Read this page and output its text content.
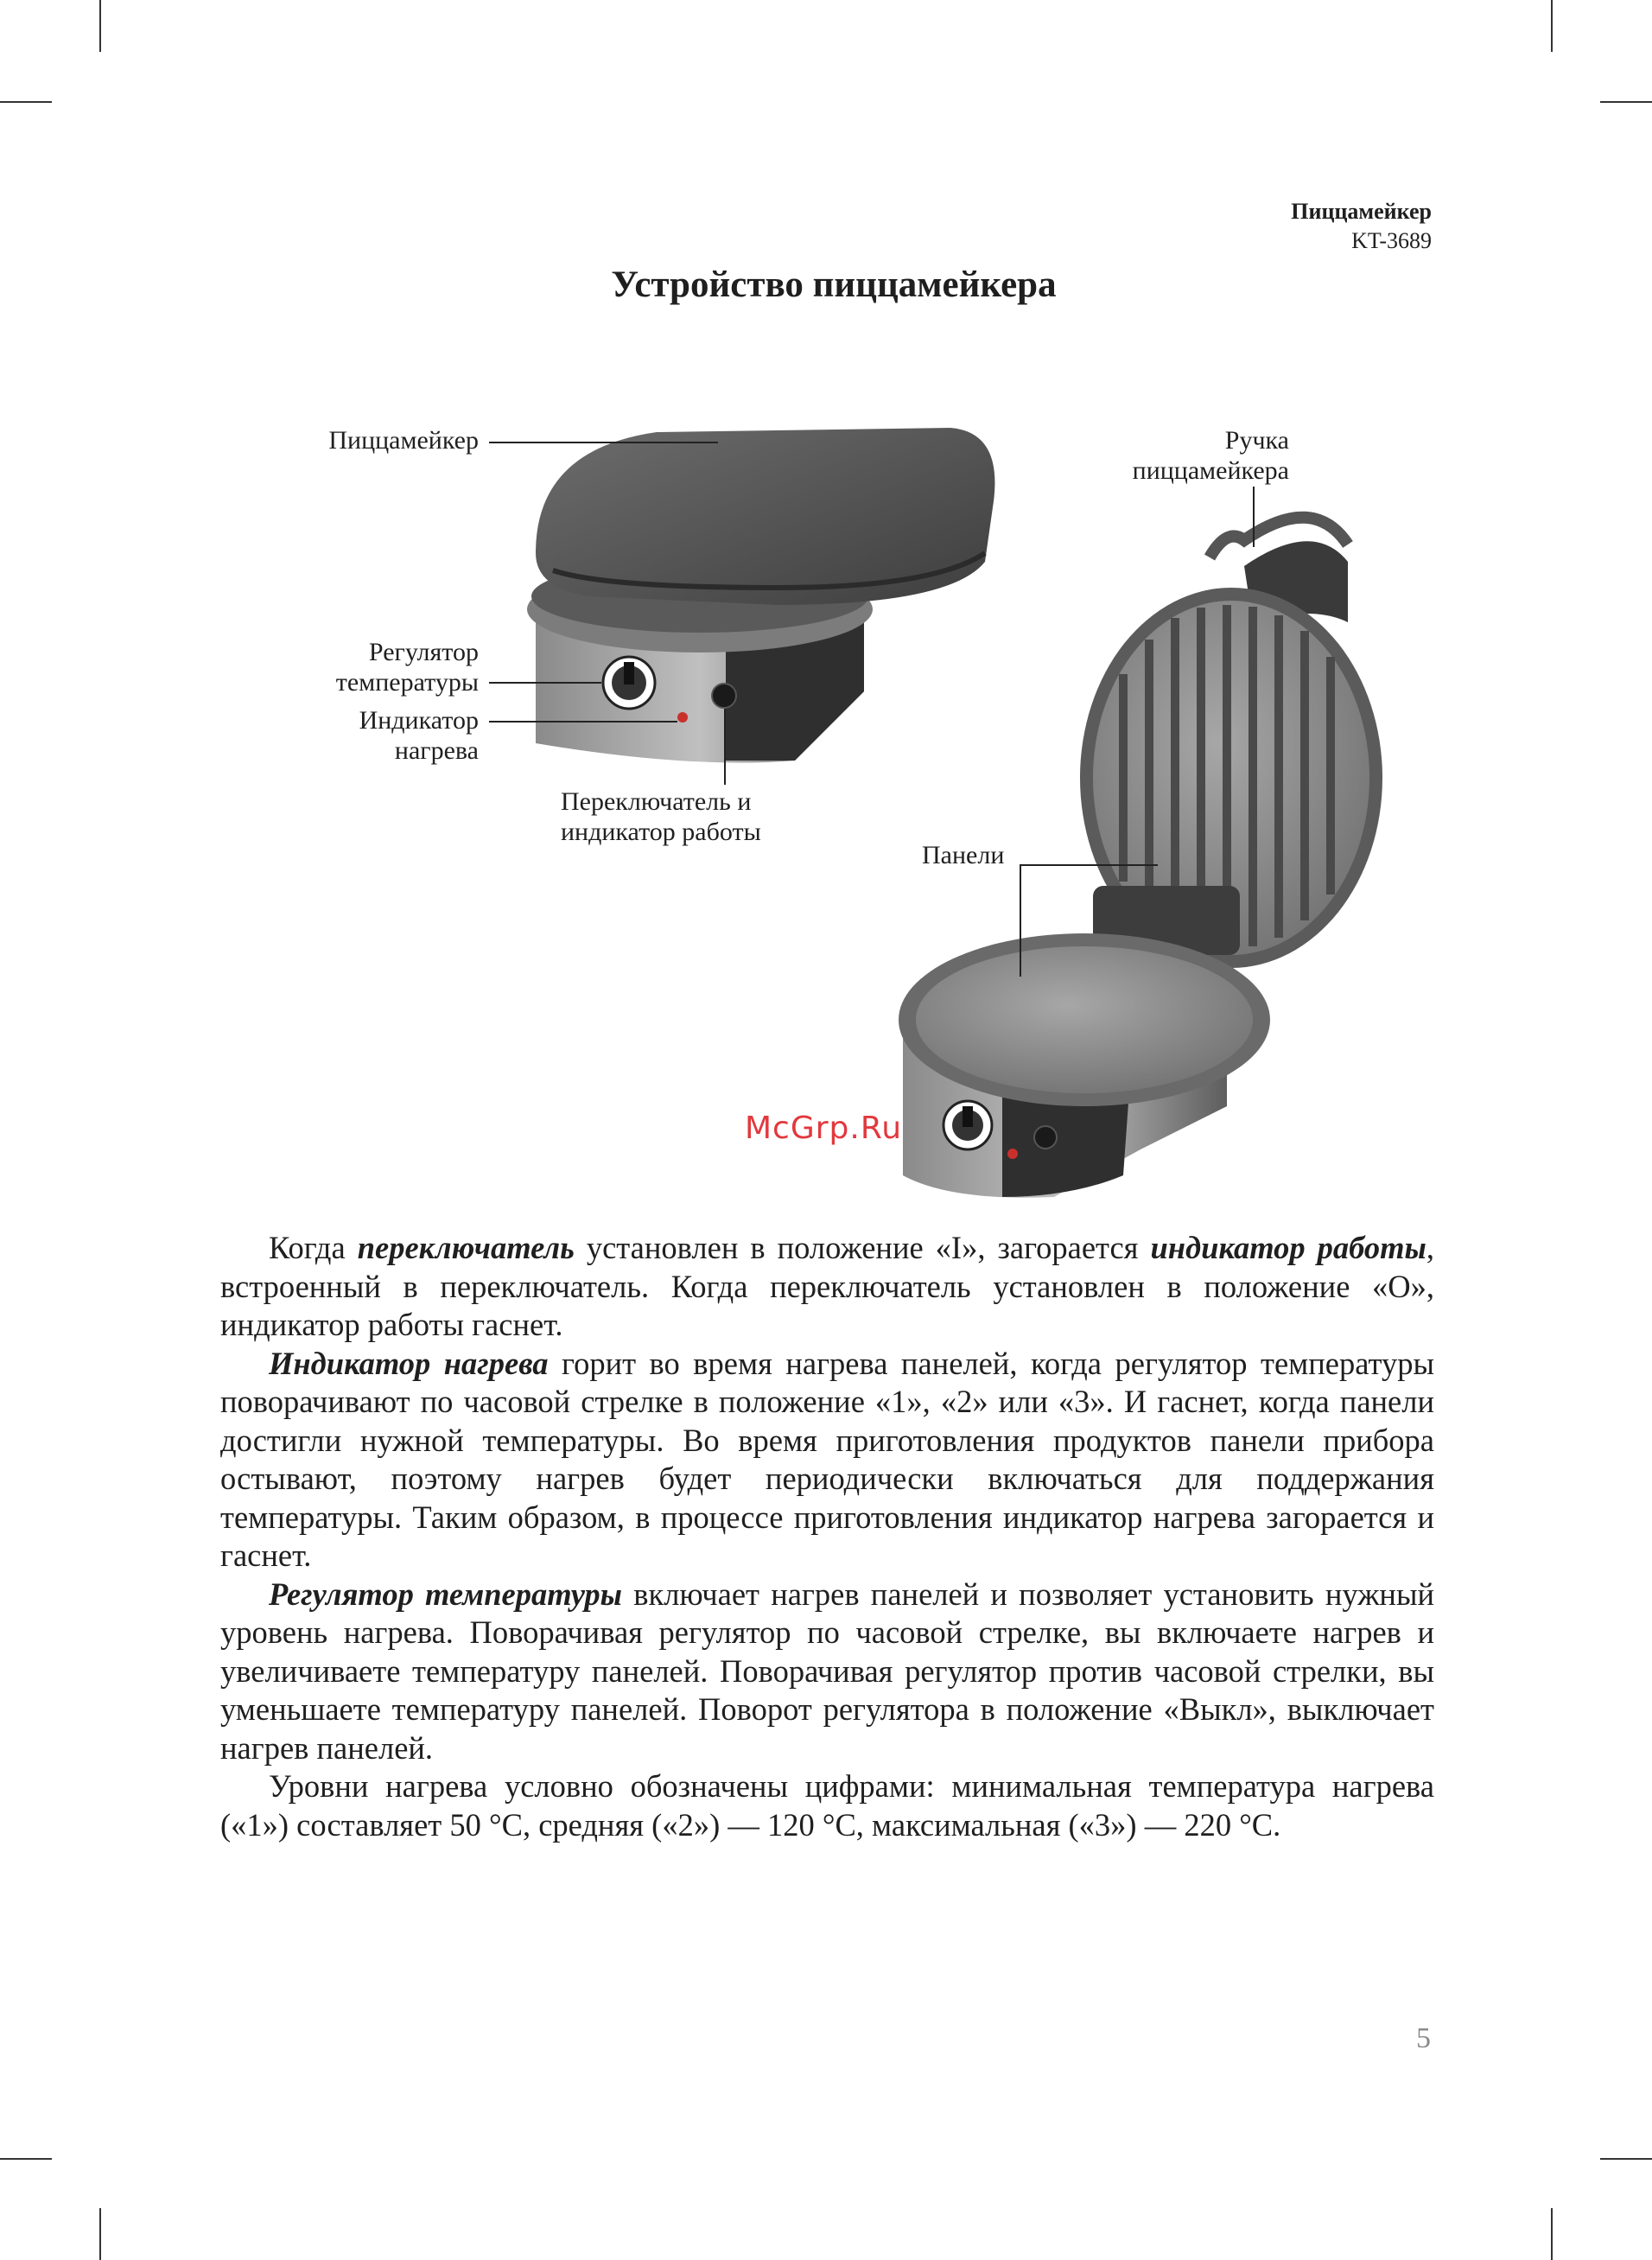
Пиццамейкер
KT-3689
Устройство пиццамейкера
Пиццамейкер	Ручка
пиццамейкера
Регулятор
температуры
Индикатор
нагрева
Переключатель и
индикатор работы
Панели
McGrp.Ru

Когда переключатель установлен в положение «I», загорается индикатор работы, встроенный в переключатель. Когда переключатель установлен в положение «O», индикатор работы гаснет.

Индикатор нагрева горит во время нагрева панелей, когда регулятор температуры поворачивают по часовой стрелке в положение «1», «2» или «3». И гаснет, когда панели достигли нужной температуры. Во время приготовления продуктов панели прибора остывают, поэтому нагрев будет периодически включаться для поддержания температуры. Таким образом, в процессе приготовления индикатор нагрева загорается и гаснет.

Регулятор температуры включает нагрев панелей и позволяет установить нужный уровень нагрева. Поворачивая регулятор по часовой стрелке, вы включаете нагрев и увеличиваете температуру панелей. Поворачивая регулятор против часовой стрелки, вы уменьшаете температуру панелей. Поворот регулятора в положение «Выкл», выключает нагрев панелей.

Уровни нагрева условно обозначены цифрами: минимальная температура нагрева («1») составляет 50 °С, средняя («2») — 120 °С, максимальная («3») — 220 °С.

5
